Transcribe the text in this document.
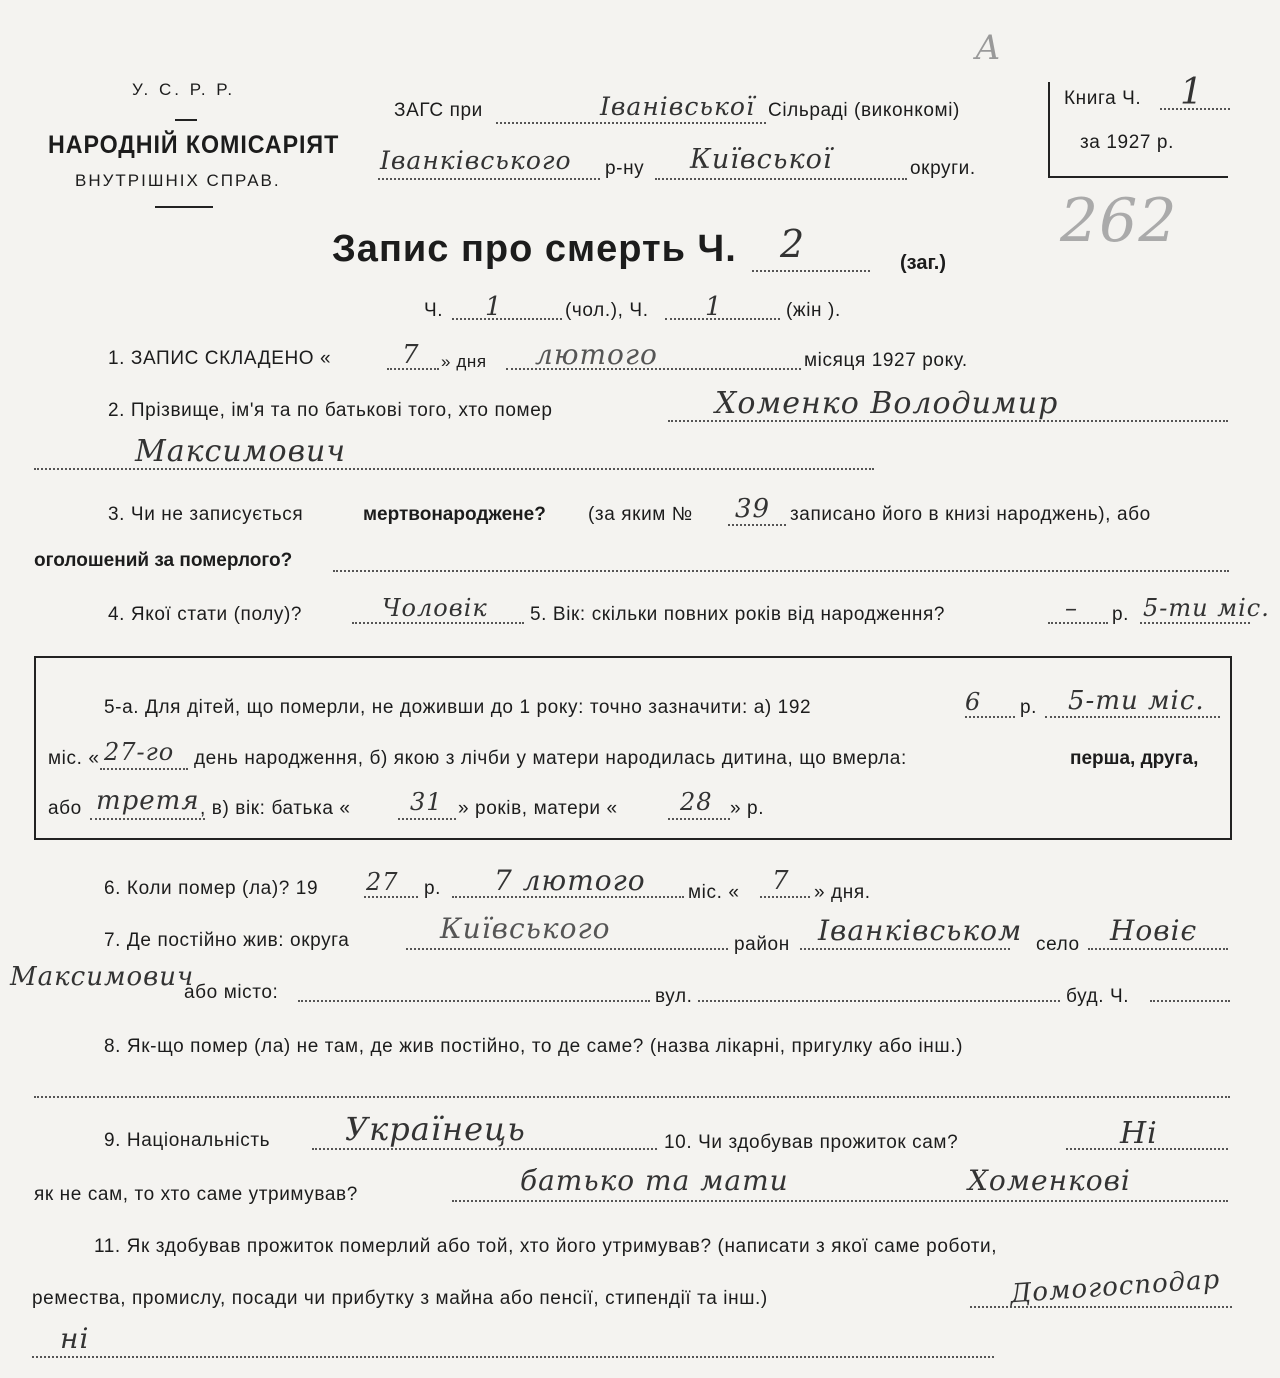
А
У. С. Р. Р.
НАРОДНІЙ КОМІСАРІЯТ
ВНУТРІШНІХ СПРАВ.
ЗАГС при	Іванівської Сільраді (виконкомі)
Іванківського р-ну Київської	округи.
Книга Ч. 1
за 1927 р.
262
Запис про смерть Ч. 2	(заг.)
Ч. 1	(чол.), Ч. 1	(жін ).
1. ЗАПИС СКЛАДЕНО «	7 » дня лютого	місяця 1927 року.
2. Прізвище, ім'я та по батькові того, хто помер	Хоменко Володимир
Максимович
3. Чи не записується	мертвонароджене? (за яким № 39 записано його в книзі народжень), або
оголошений за померлого?
4. Якої стати (полу)?	Чоловік 5. Вік: скільки повних років від народження?	– р. 5-ти міс.
5-а. Для дітей, що померли, не доживши до 1 року: точно зазначити: а) 192	6 р. 5-ти міс.
міс. « 27-го день народження, б) якою з лічби у матери народилась дитина, що вмерла:	перша, друга,
або третя , в) вік: батька « 31 » років, матери «	28 » р.
6. Коли помер (ла)? 19 27 р. 7 лютого міс. « 7 » дня.
7. Де постійно жив: округа	Київського	район Іванківськом село Новіє
Максимович
або місто:	вул.	буд. Ч.
8. Як-що помер (ла) не там, де жив постійно, то де саме? (назва лікарні, пригулку або інш.)
9. Національність Українець	10. Чи здобував прожиток сам?	Ні
як не сам, то хто саме утримував?	батько та мати	Хоменкові
11. Як здобував прожиток померлий або той, хто його утримував? (написати з якої саме роботи,
ремества, промислу, посади чи прибутку з майна або пенсії, стипендії та інш.)	Домогосподар
ні
